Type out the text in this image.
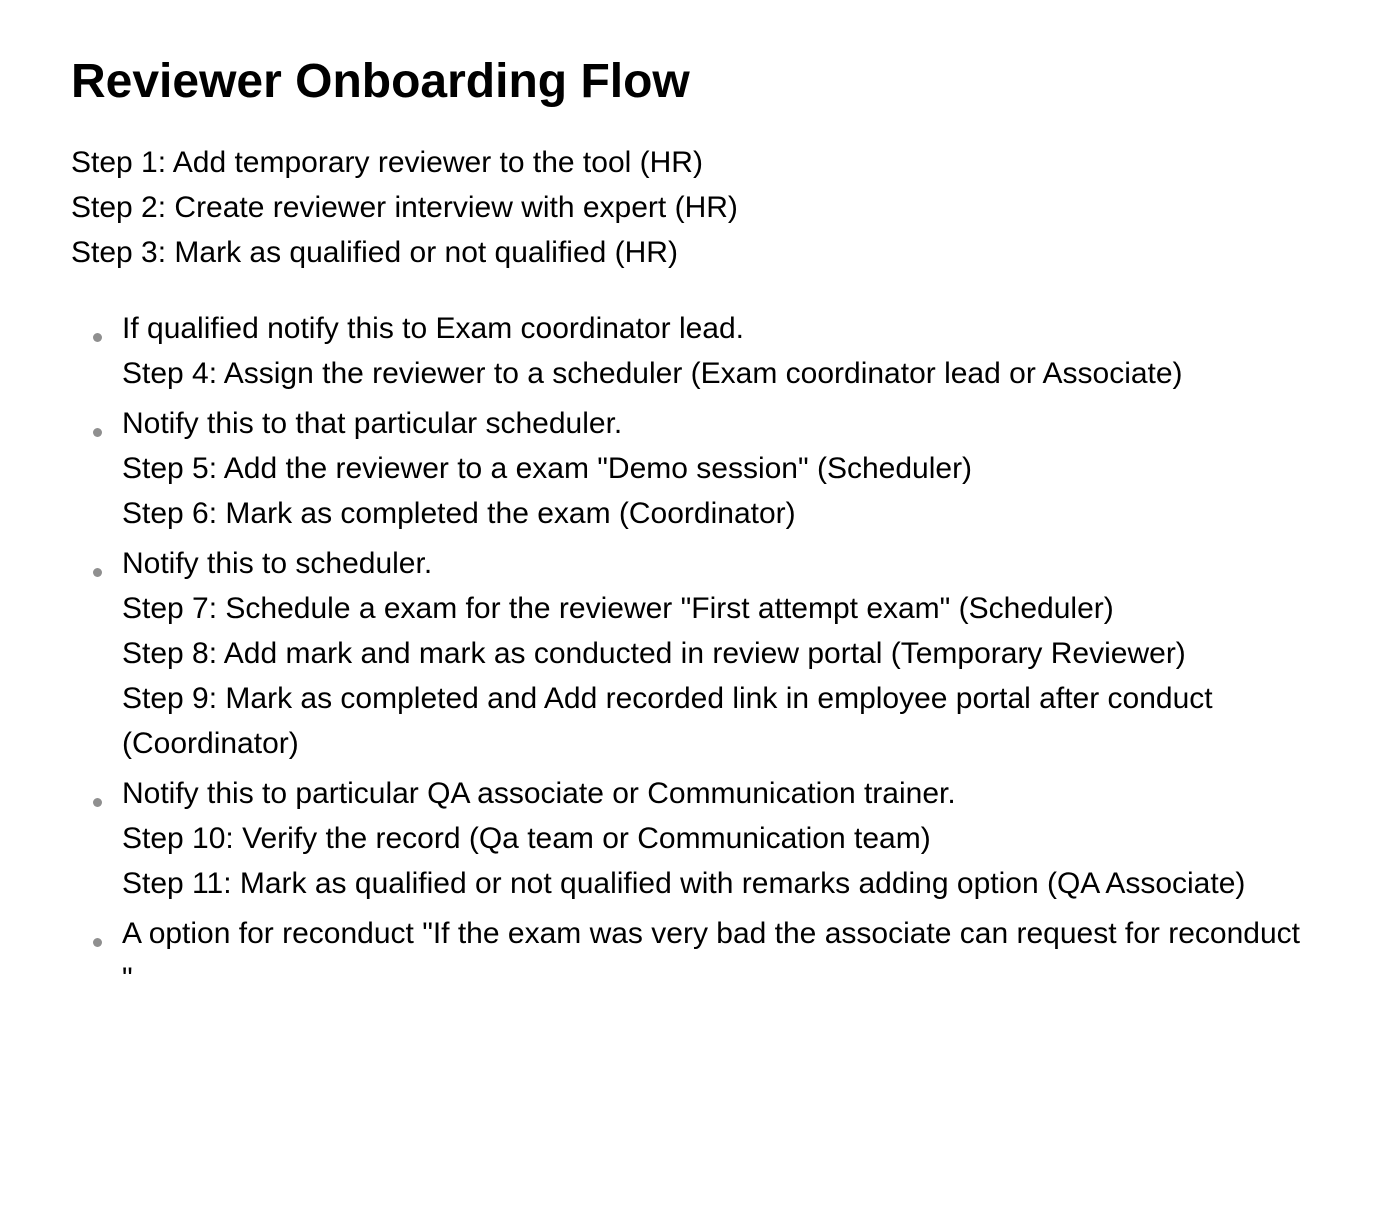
Reviewer Onboarding Flow
Step 1: Add temporary reviewer to the tool (HR)
Step 2: Create reviewer interview with expert (HR)
Step 3: Mark as qualified or not qualified (HR)
If qualified notify this to Exam coordinator lead.
Step 4: Assign the reviewer to a scheduler (Exam coordinator lead or Associate)
Notify this to that particular scheduler.
Step 5: Add the reviewer to a exam "Demo session" (Scheduler)
Step 6: Mark as completed the exam (Coordinator)
Notify this to scheduler.
Step 7: Schedule a exam for the reviewer "First attempt exam" (Scheduler)
Step 8: Add mark and mark as conducted in review portal (Temporary Reviewer)
Step 9: Mark as completed and Add recorded link in employee portal after conduct
(Coordinator)
Notify this to particular QA associate or Communication trainer.
Step 10: Verify the record (Qa team or Communication team)
Step 11: Mark as qualified or not qualified with remarks adding option (QA Associate)
A option for reconduct "If the exam was very bad the associate can request for reconduct
"
